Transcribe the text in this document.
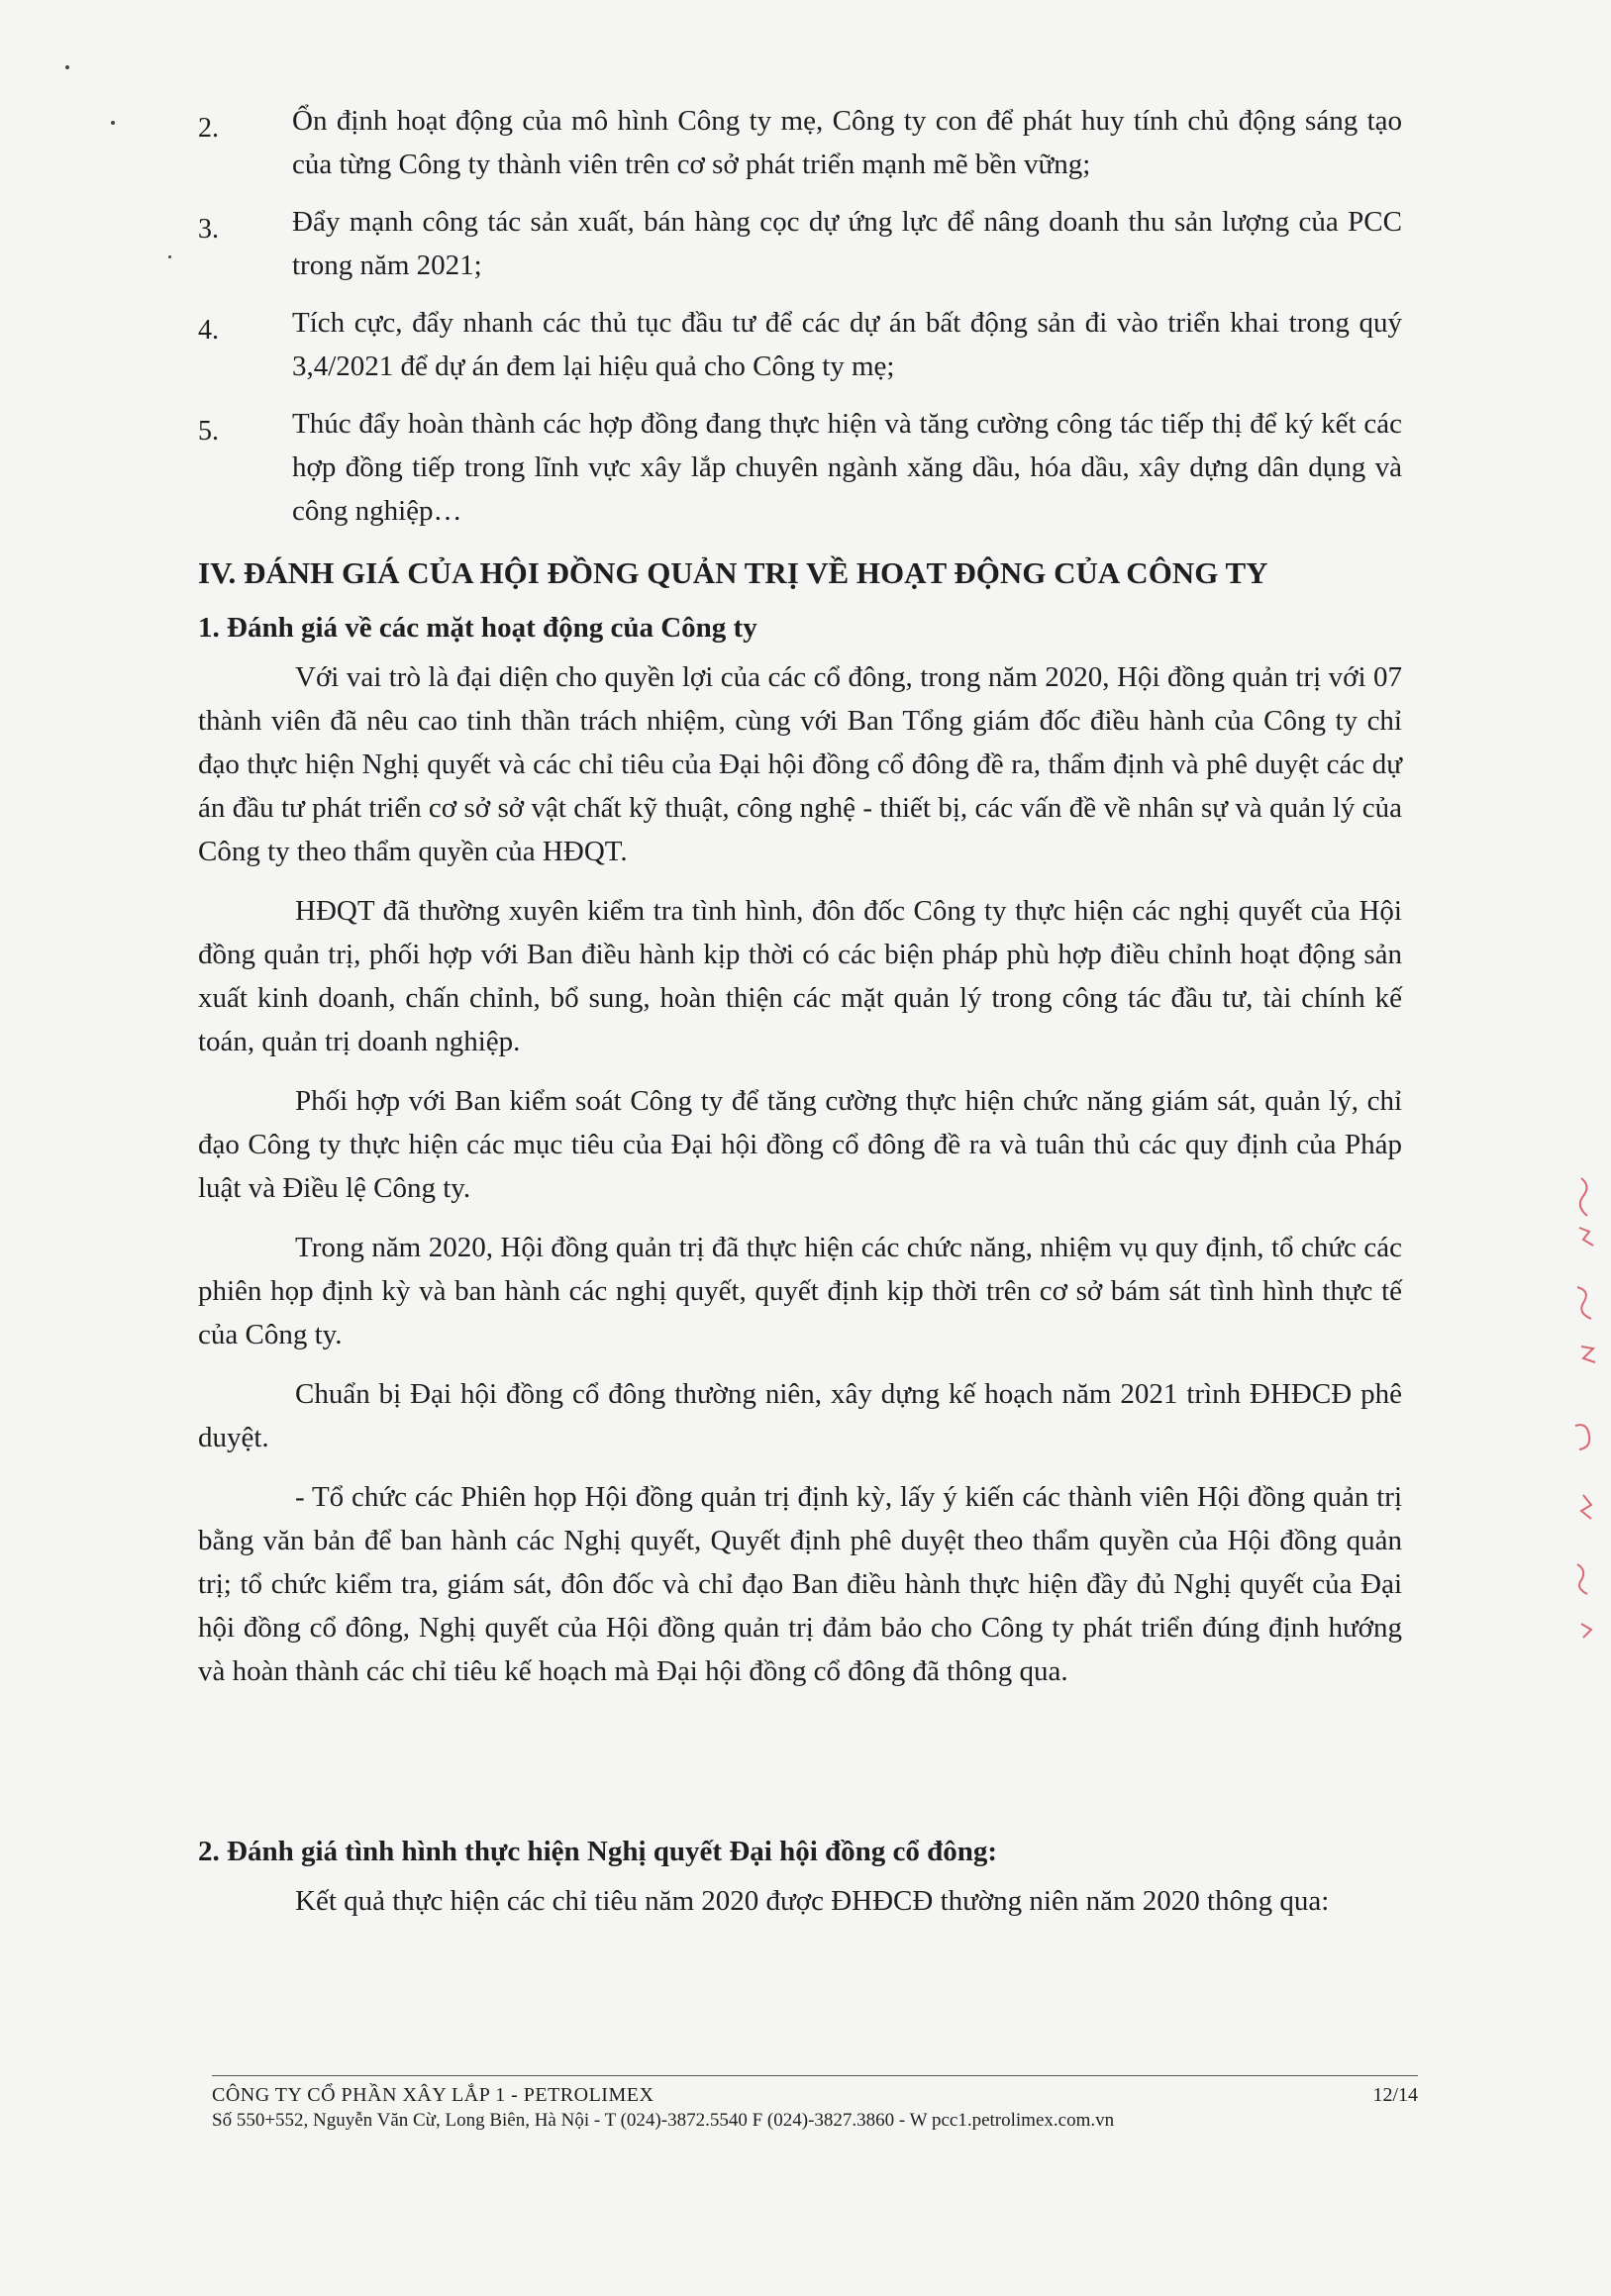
2.	Ổn định hoạt động của mô hình Công ty mẹ, Công ty con để phát huy tính chủ động sáng tạo của từng Công ty thành viên trên cơ sở phát triển mạnh mẽ bền vững;
3.	Đẩy mạnh công tác sản xuất, bán hàng cọc dự ứng lực để nâng doanh thu sản lượng của PCC trong năm 2021;
4.	Tích cực, đẩy nhanh các thủ tục đầu tư để các dự án bất động sản đi vào triển khai trong quý 3,4/2021 để dự án đem lại hiệu quả cho Công ty mẹ;
5.	Thúc đẩy hoàn thành các hợp đồng đang thực hiện và tăng cường công tác tiếp thị để ký kết các hợp đồng tiếp trong lĩnh vực xây lắp chuyên ngành xăng dầu, hóa dầu, xây dựng dân dụng và công nghiệp…
IV. ĐÁNH GIÁ CỦA HỘI ĐỒNG QUẢN TRỊ VỀ HOẠT ĐỘNG CỦA CÔNG TY
1. Đánh giá về các mặt hoạt động của Công ty

Với vai trò là đại diện cho quyền lợi của các cổ đông, trong năm 2020, Hội đồng quản trị với 07 thành viên đã nêu cao tinh thần trách nhiệm, cùng với Ban Tổng giám đốc điều hành của Công ty chỉ đạo thực hiện Nghị quyết và các chỉ tiêu của Đại hội đồng cổ đông đề ra, thẩm định và phê duyệt các dự án đầu tư phát triển cơ sở sở vật chất kỹ thuật, công nghệ - thiết bị, các vấn đề về nhân sự và quản lý của Công ty theo thẩm quyền của HĐQT.

HĐQT đã thường xuyên kiểm tra tình hình, đôn đốc Công ty thực hiện các nghị quyết của Hội đồng quản trị, phối hợp với Ban điều hành kịp thời có các biện pháp phù hợp điều chỉnh hoạt động sản xuất kinh doanh, chấn chỉnh, bổ sung, hoàn thiện các mặt quản lý trong công tác đầu tư, tài chính kế toán, quản trị doanh nghiệp.

Phối hợp với Ban kiểm soát Công ty để tăng cường thực hiện chức năng giám sát, quản lý, chỉ đạo Công ty thực hiện các mục tiêu của Đại hội đồng cổ đông đề ra và tuân thủ các quy định của Pháp luật và Điều lệ Công ty.

Trong năm 2020, Hội đồng quản trị đã thực hiện các chức năng, nhiệm vụ quy định, tổ chức các phiên họp định kỳ và ban hành các nghị quyết, quyết định kịp thời trên cơ sở bám sát tình hình thực tế của Công ty.

Chuẩn bị Đại hội đồng cổ đông thường niên, xây dựng kế hoạch năm 2021 trình ĐHĐCĐ phê duyệt.

- Tổ chức các Phiên họp Hội đồng quản trị định kỳ, lấy ý kiến các thành viên Hội đồng quản trị bằng văn bản để ban hành các Nghị quyết, Quyết định phê duyệt theo thẩm quyền của Hội đồng quản trị; tổ chức kiểm tra, giám sát, đôn đốc và chỉ đạo Ban điều hành thực hiện đầy đủ Nghị quyết của Đại hội đồng cổ đông, Nghị quyết của Hội đồng quản trị đảm bảo cho Công ty phát triển đúng định hướng và hoàn thành các chỉ tiêu kế hoạch mà Đại hội đồng cổ đông đã thông qua.

2. Đánh giá tình hình thực hiện Nghị quyết Đại hội đồng cổ đông:

Kết quả thực hiện các chỉ tiêu năm 2020 được ĐHĐCĐ thường niên năm 2020 thông qua:

CÔNG TY CỔ PHẦN XÂY LẮP 1 - PETROLIMEX	12/14
Số 550+552, Nguyễn Văn Cừ, Long Biên, Hà Nội - T (024)-3872.5540 F (024)-3827.3860 - W pcc1.petrolimex.com.vn
